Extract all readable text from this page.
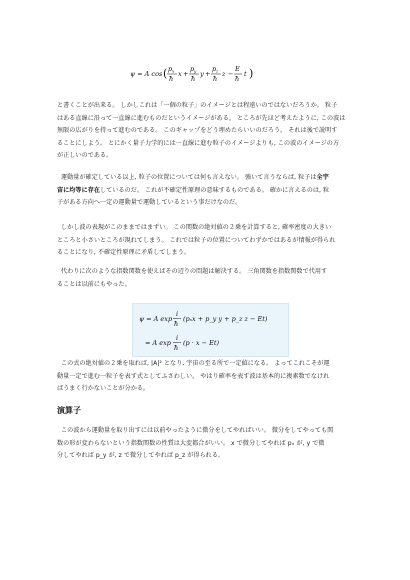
ψ = A cos ( p x
ħ
x +
p y
ħ
y +
p z
ħ
z −
E
ħ
t )
と書くことが出来る。 しかしこれは「一個の粒子」のイメージとは程遠いのではないだろうか。 粒子
はある直線に沿って一直線に進むものだというイメージがある。 ところが先ほど考えたように, この波は
無限の広がりを持って進むのである。 このギャップをどう埋めたらいいのだろう。 それは後で説明す
ることにしよう。 とにかく量子力学的には一直線に進む粒子のイメージよりも, この波のイメージの方
が正しいのである。
運動量が確定している以上, 粒子の位置については何も言えない。 強いて言うならば, 粒子は全宇
宙に均等に存在しているのだ。 これが不確定性原理の意味するものである。 確かに言えるのは, 粒
子がある方向へ一定の運動量で運動しているという事だけなのだ。
しかし波の表現がこのままではまずい。 この関数の絶対値の２乗を計算すると, 確率密度の大きい
ところと小さいところが現れてしまう。 これでは粒子の位置についてわずかではあるが情報が得られ
ることになり, 不確定性原理に矛盾してしまう。
代わりに次のような指数関数を使えばその辺りの問題は解決する。 三角関数を指数関数で代用す
ることは以前にもやった。
ψ = A exp
i
ħ
(pₓx + p_y y + p_z z − Et)
= A exp
i
ħ
(p · x − Et)
この式の絶対値の２乗を取れば, |A|² となり, 宇宙の至る所で一定値になる。 よってこれこそが運
動量一定で進む一粒子を表す式としてふさわしい。 やはり確率を表す波は基本的に複素数でなけれ
ばうまく行かないことが分かる。
演算子
この波から運動量を取り出すには以前やったように微分をしてやればいい。 微分をしてやっても関
数の形が変わらないという指数関数の性質は大変都合がいい。 x で微分してやれば pₓ が, y で微
分してやれば p_y が, z で微分してやれば p_z が得られる。
